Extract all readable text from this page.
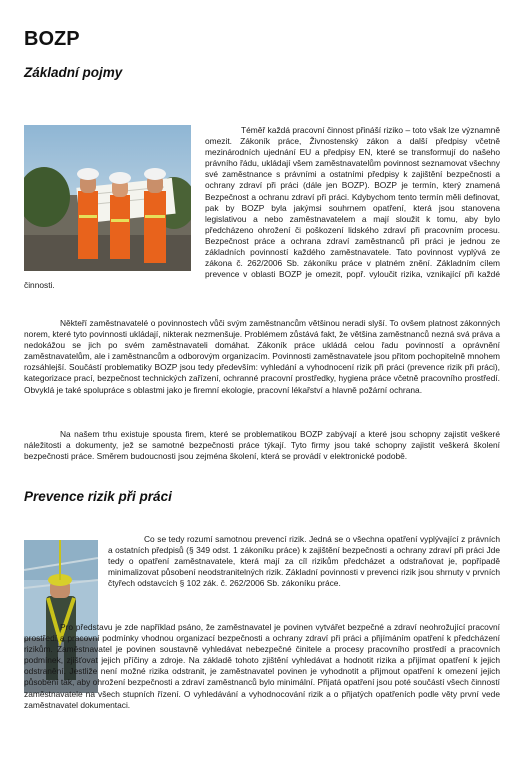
BOZP
Základní pojmy
Téměř každá pracovní činnost přináší riziko – toto však lze významně omezit. Zákoník práce, Živnostenský zákon a další předpisy včetně mezinárodních ujednání EU a předpisy EN, které se transformují do našeho právního řádu, ukládají všem zaměstnavatelům povinnost seznamovat všechny své zaměstnance s právními a ostatními předpisy k zajištění bezpečnosti a ochrany zdraví při práci (dále jen BOZP). BOZP je termín, který znamená Bezpečnost a ochranu zdraví při práci. Kdybychom tento termín měli definovat, pak by BOZP byla jakýmsi souhrnem opatření, která jsou stanovena legislativou a nebo zaměstnavatelem a mají sloužit k tomu, aby bylo předcházeno ohrožení či poškození lidského zdraví při pracovním procesu. Bezpečnost práce a ochrana zdraví zaměstnanců při práci je jednou ze základních povinností každého zaměstnavatele. Tato povinnost vyplývá ze zákona č. 262/2006 Sb. zákoníku práce v platném znění. Základním cílem prevence v oblasti BOZP je omezit, popř. vyloučit rizika, vznikající při každé činnosti.

Někteří zaměstnavatelé o povinnostech vůči svým zaměstnancům většinou neradi slyší. To ovšem platnost zákonných norem, které tyto povinnosti ukládají, nikterak nezmenšuje. Problémem zůstává fakt, že většina zaměstnanců nezná svá práva a nedokážou se jich po svém zaměstnavateli domáhat. Zákoník práce ukládá celou řadu povinností a oprávnění zaměstnavatelům, ale i zaměstnancům a odborovým organizacím. Povinnosti zaměstnavatele jsou přitom pochopitelně mnohem rozsáhlejší. Součástí problematiky BOZP jsou tedy především: vyhledání a vyhodnocení rizik při práci (prevence rizik při práci), kategorizace prací, bezpečnost technických zařízení, ochranné pracovní prostředky, hygiena práce včetně pracovního prostředí. Obvyklá je také spolupráce s oblastmi jako je firemní ekologie, pracovní lékařství a hlavně požární ochrana.

Na našem trhu existuje spousta firem, které se problematikou BOZP zabývají a které jsou schopny zajistit veškeré náležitosti a dokumenty, jež se samotné bezpečnosti práce týkají. Tyto firmy jsou také schopny zajistit veškerá školení bezpečnosti práce. Směrem budoucnosti jsou zejména školení, která se provádí v elektronické podobě.

Prevence rizik při práci
Co se tedy rozumí samotnou prevencí rizik. Jedná se o všechna opatření vyplývající z právních a ostatních předpisů (§ 349 odst. 1 zákoníku práce) k zajištění bezpečnosti a ochrany zdraví při práci Jde tedy o opatření zaměstnavatele, která mají za cíl rizikům předcházet a odstraňovat je, popřípadě minimalizovat působení neodstranitelných rizik. Základní povinnosti v prevenci rizik jsou shrnuty v prvních čtyřech odstavcích § 102 zák. č. 262/2006 Sb. zákoníku práce.

Pro představu je zde například psáno, že zaměstnavatel je povinen vytvářet bezpečné a zdraví neohrožující pracovní prostředí a pracovní podmínky vhodnou organizací bezpečnosti a ochrany zdraví při práci a přijímáním opatření k předcházení rizikům. Zaměstnavatel je povinen soustavně vyhledávat nebezpečné činitele a procesy pracovního prostředí a pracovních podmínek, zjišťovat jejich příčiny a zdroje. Na základě tohoto zjištění vyhledávat a hodnotit rizika a přijímat opatření k jejich odstranění. Jestliže není možné rizika odstranit, je zaměstnavatel povinen je vyhodnotit a přijmout opatření k omezení jejich působení tak, aby ohrožení bezpečnosti a zdraví zaměstnanců bylo minimální. Přijatá opatření jsou poté součástí všech činností zaměstnavatele na všech stupních řízení. O vyhledávání a vyhodnocování rizik a o přijatých opatřeních podle věty první vede zaměstnavatel dokumentaci.
